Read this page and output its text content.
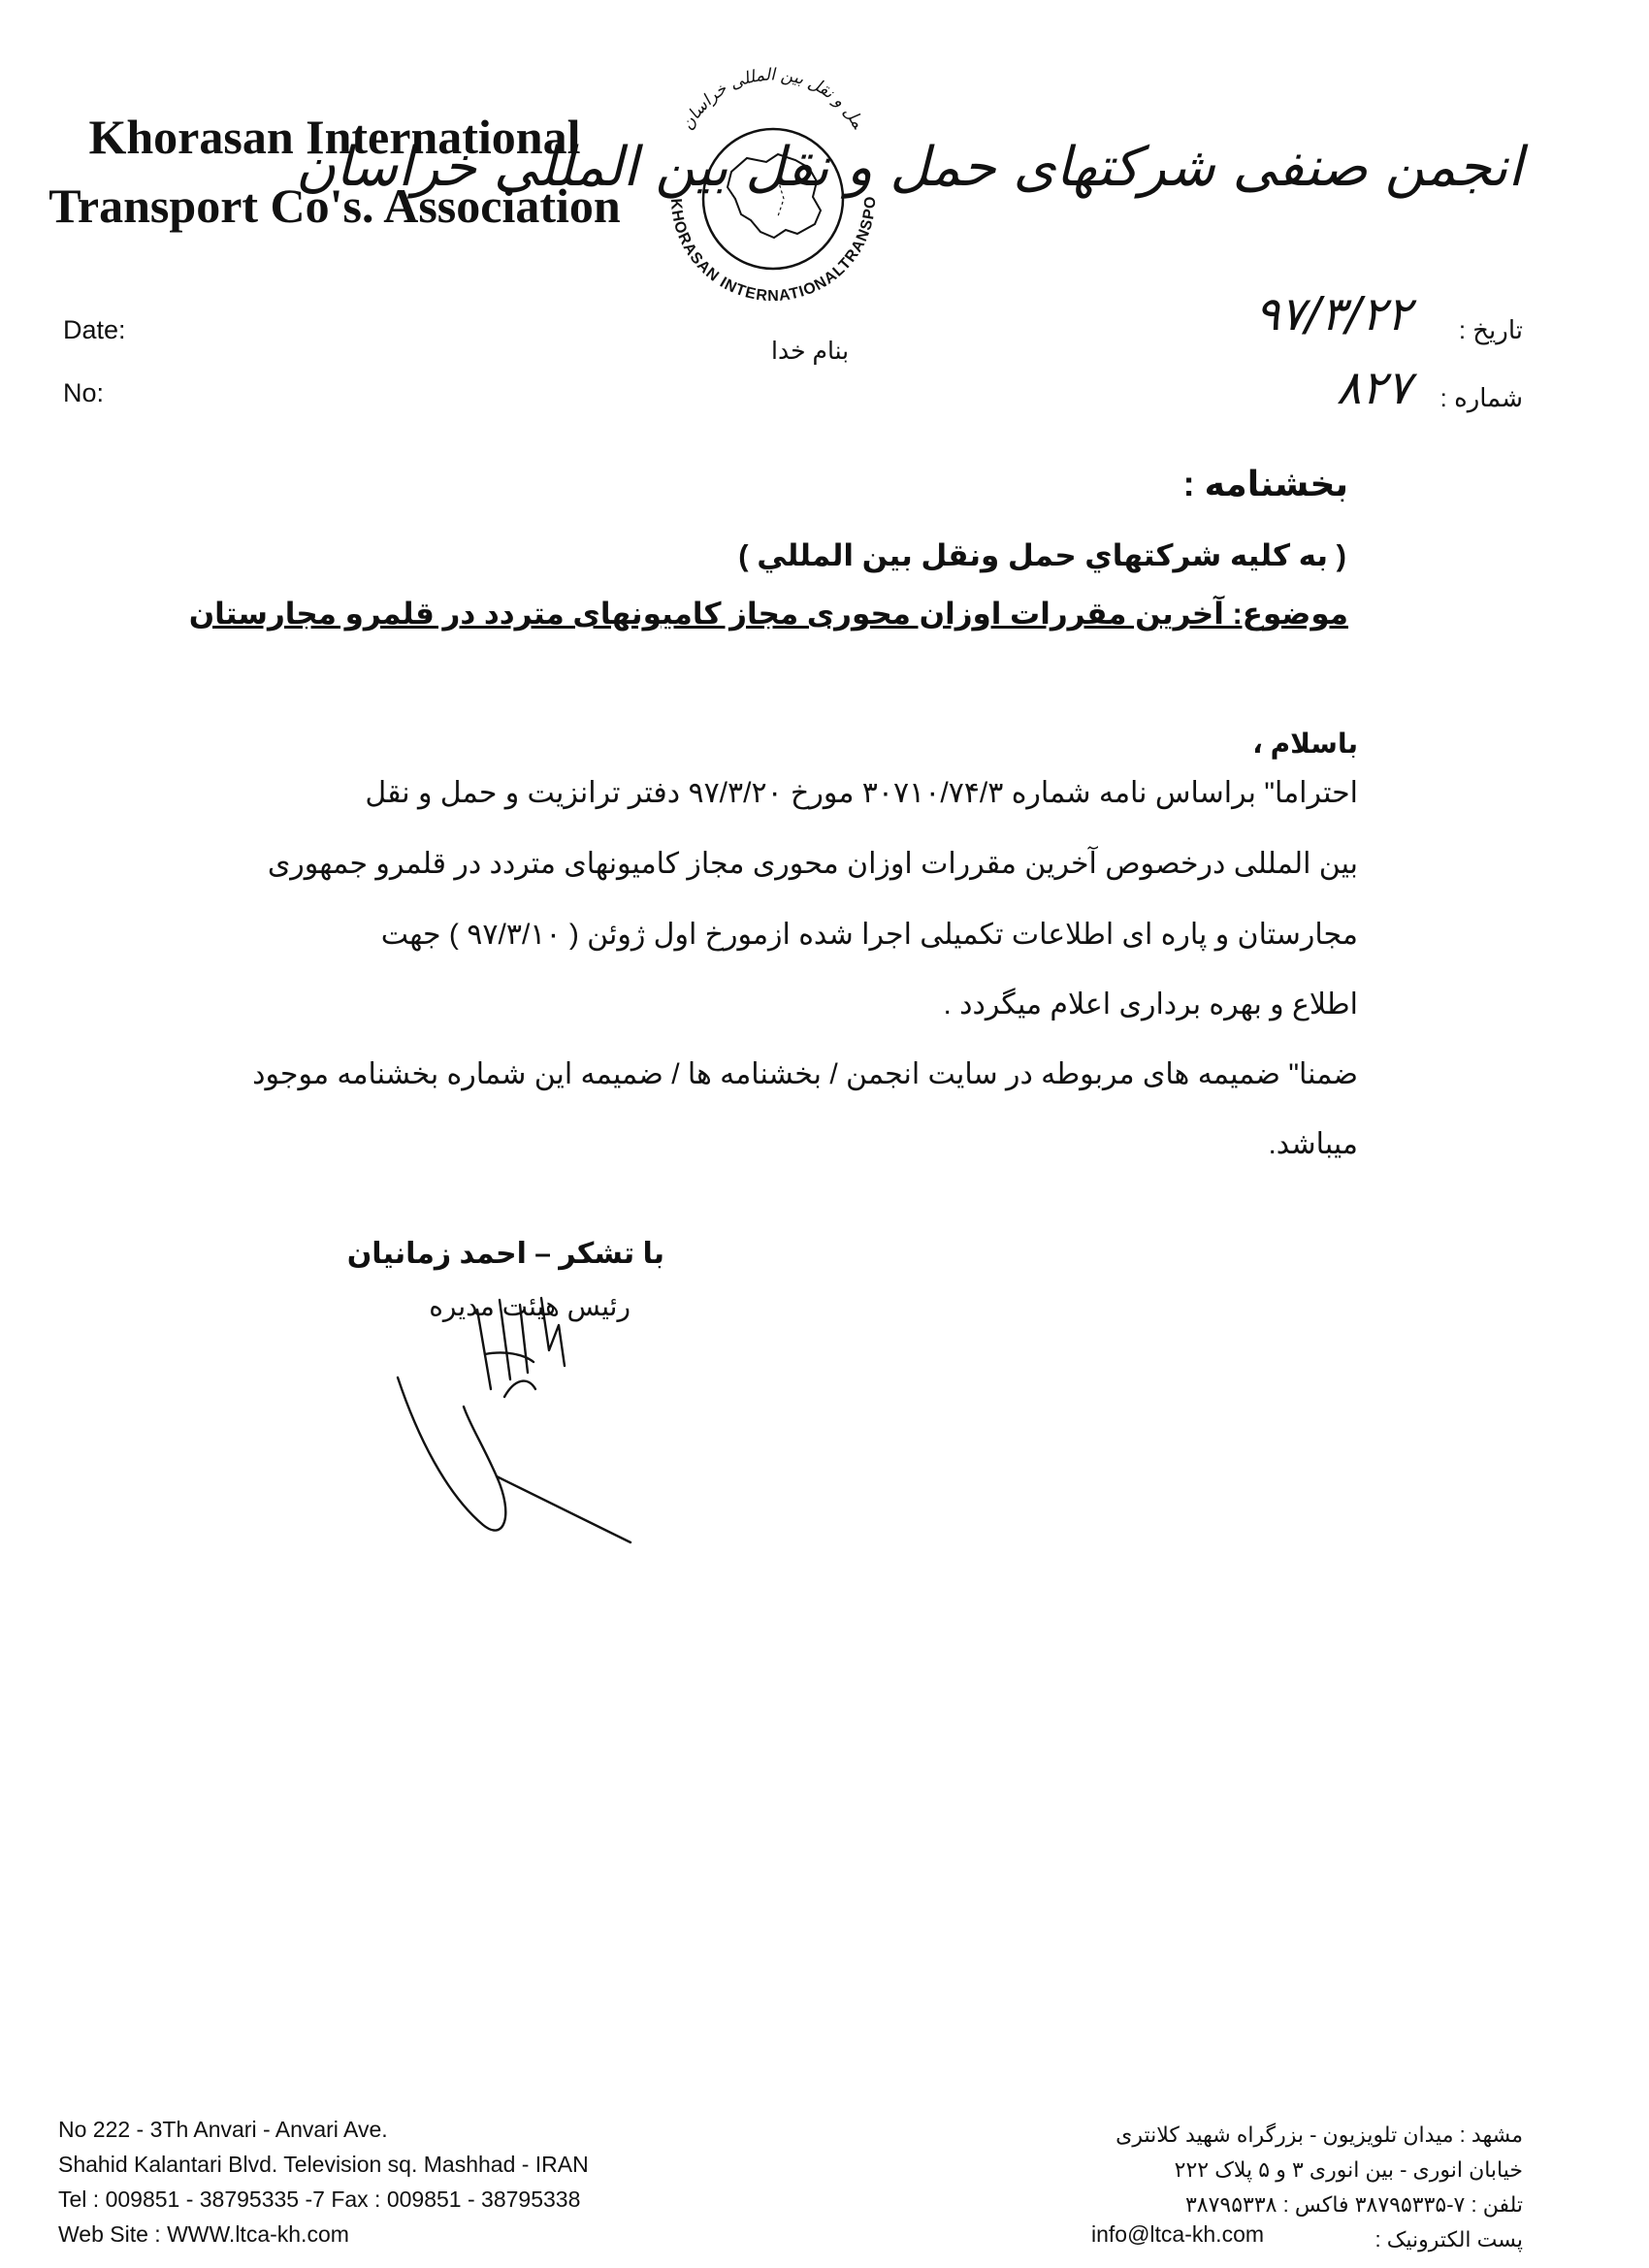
Khorasan International
Transport Co's. Association	KHORASAN INTERNATIONALTRANSPO
مل و نقل بین المللی خراسان
انجمن صنفی شرکتهای حمل و نقل بین المللی خراسان
بنام خدا
Date:
No:
تاریخ :
۹۷/۳/۲۲
شماره :
۸۲۷
بخشنامه :
( به کلیه شرکتهاي حمل ونقل بین المللي )
موضوع: آخرین مقررات اوزان محوری مجاز کامیونهای متردد در قلمرو مجارستان
باسلام ،
احتراما" براساس نامه شماره ۳۰۷۱۰/۷۴/۳ مورخ ۹۷/۳/۲۰ دفتر ترانزیت و حمل و نقل
بین المللی درخصوص آخرین مقررات اوزان محوری مجاز کامیونهای متردد در قلمرو جمهوری
مجارستان و پاره ای اطلاعات تکمیلی اجرا شده ازمورخ اول ژوئن ( ۹۷/۳/۱۰ ) جهت
اطلاع و بهره برداری اعلام میگردد .
ضمنا" ضمیمه های مربوطه در سایت انجمن / بخشنامه ها / ضمیمه این شماره بخشنامه موجود
میباشد.
با تشکر – احمد زمانیان
رئیس هیئت مدیره
No 222 - 3Th Anvari - Anvari Ave.
Shahid Kalantari Blvd. Television sq. Mashhad - IRAN
Tel : 009851 - 38795335 -7 Fax : 009851 - 38795338
Web Site : WWW.ltca-kh.com
مشهد : میدان تلویزیون - بزرگراه شهید کلانتری
خیابان انوری - بین انوری ۳ و ۵ پلاک ۲۲۲
تلفن : ۷-۳۸۷۹۵۳۳۵ فاکس : ۳۸۷۹۵۳۳۸
پست الکترونیک :
info@ltca-kh.com
